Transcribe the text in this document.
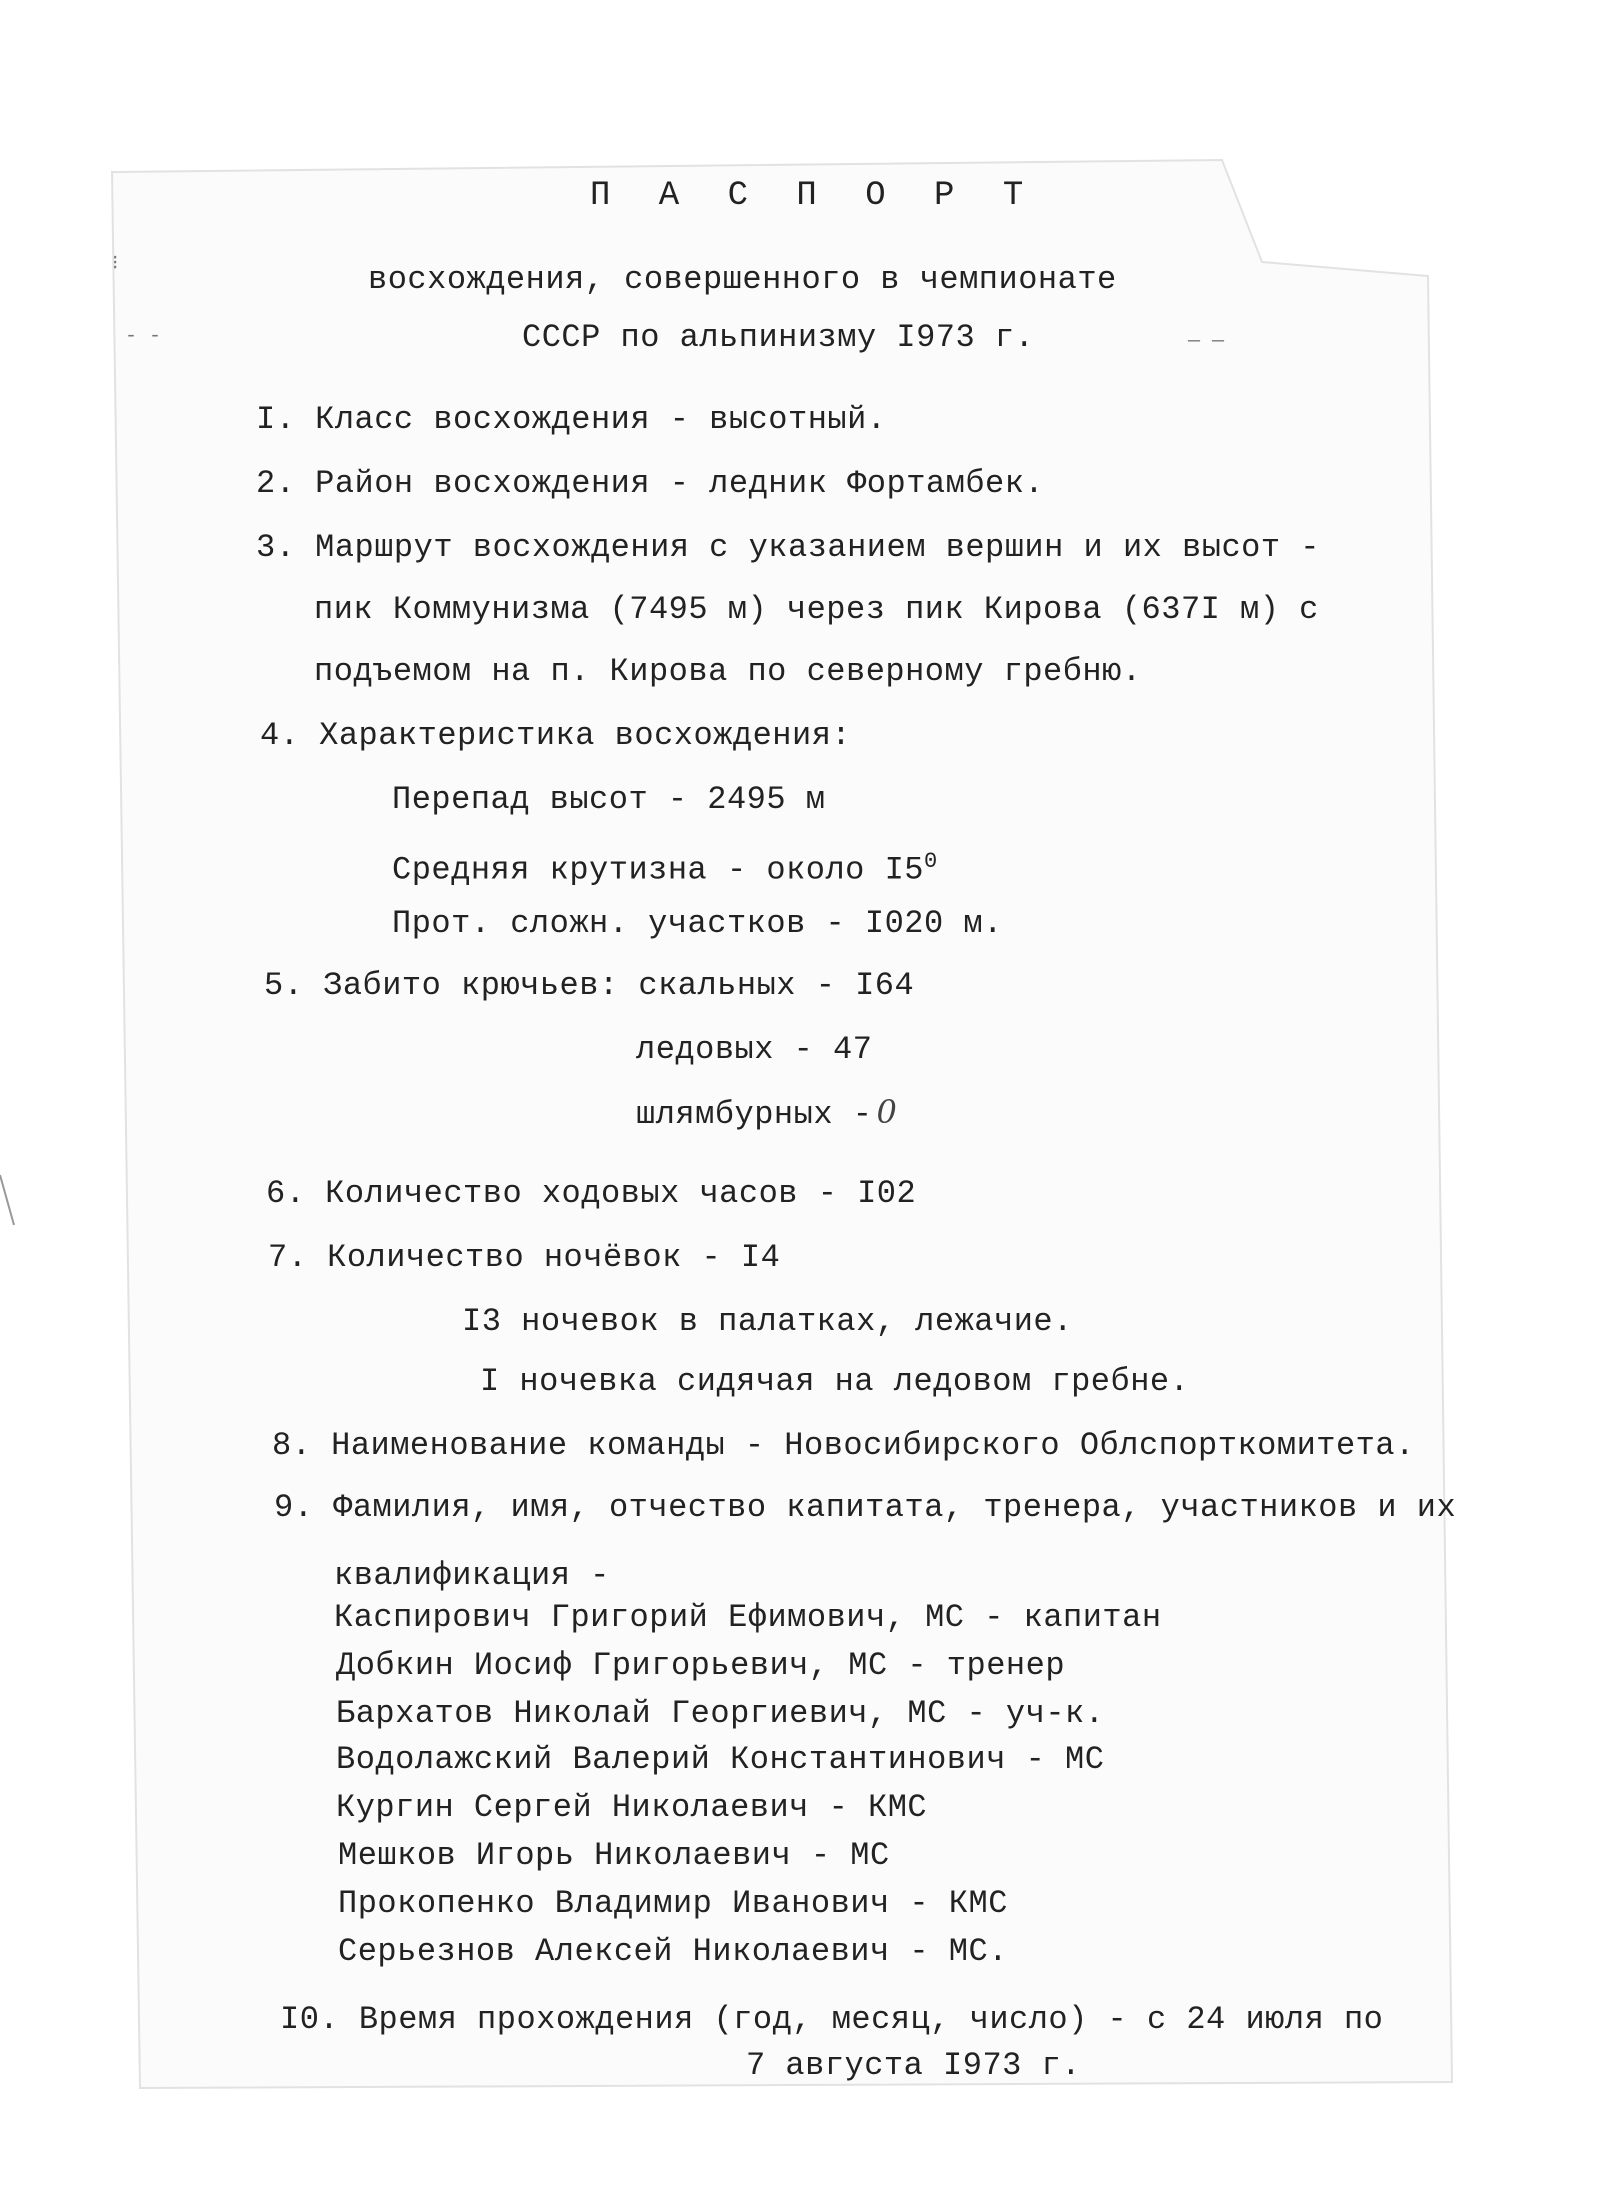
⁝
- -	— —
П А С П О Р Т
восхождения, совершенного в чемпионате
СССР по альпинизму I973 г.
I. Класс восхождения - высотный.
2. Район восхождения - ледник Фортамбек.
3. Маршрут восхождения с указанием вершин и их высот -
пик Коммунизма (7495 м) через пик Кирова (637I м) с
подъемом на п. Кирова по северному гребню.
4. Характеристика восхождения:
Перепад высот - 2495 м
Средняя крутизна - около $I5^0$
Прот. сложн. участков - I020 м.
5. Забито крючьев: скальных - I64
ледовых - 47
шлямбурных - 0
6. Количество ходовых часов - I02
7. Количество ночёвок - I4
I3 ночевок в палатках, лежачие.
I ночевка сидячая на ледовом гребне.
8. Наименование команды - Новосибирского Облспорткомитета.
9. Фамилия, имя, отчество капитата, тренера, участников и их
квалификация -
Каспирович Григорий Ефимович, МС - капитан
Добкин Иосиф Григорьевич, МС - тренер
Бархатов Николай Георгиевич, МС - уч-к.
Водолажский Валерий Константинович - МС
Кургин Сергей Николаевич - КМС
Мешков Игорь Николаевич - МС
Прокопенко Владимир Иванович - КМС
Серьезнов Алексей Николаевич - МС.
I0. Время прохождения (год, месяц, число) - с 24 июля по
7 августа I973 г.
